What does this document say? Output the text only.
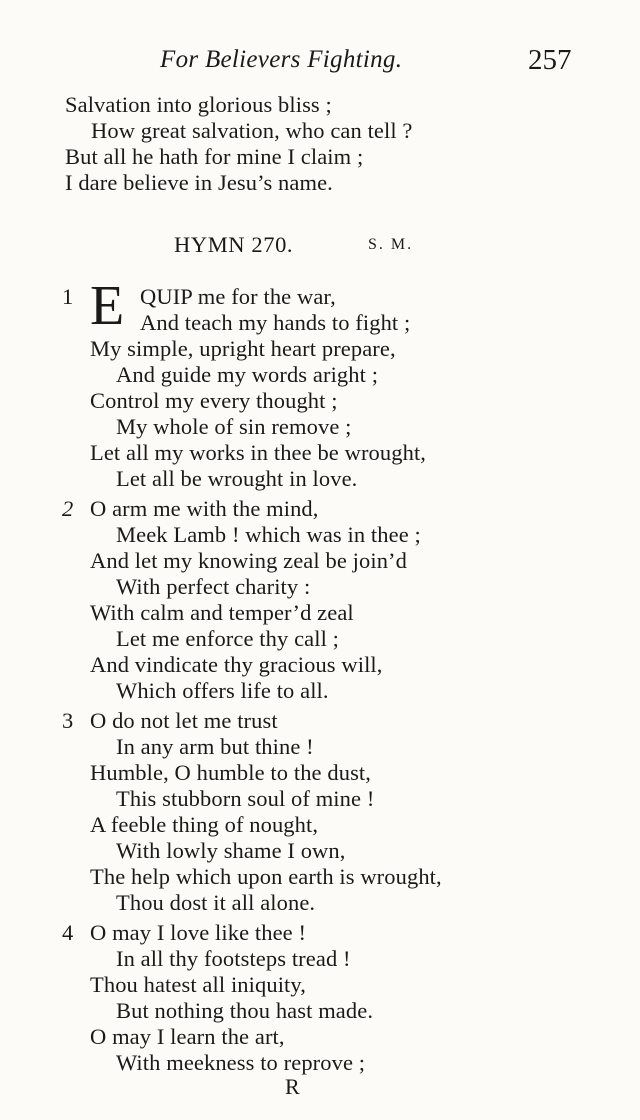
For Believers Fighting.	257
Salvation into glorious bliss ;
How great salvation, who can tell ?
But all he hath for mine I claim ;
I dare believe in Jesu’s name.
HYMN 270.	S. M.
1 E QUIP me for the war,
And teach my hands to fight ;
My simple, upright heart prepare,
And guide my words aright ;
Control my every thought ;
My whole of sin remove ;
Let all my works in thee be wrought,
Let all be wrought in love.
2 O arm me with the mind,
Meek Lamb ! which was in thee ;
And let my knowing zeal be join’d
With perfect charity :
With calm and temper’d zeal
Let me enforce thy call ;
And vindicate thy gracious will,
Which offers life to all.
3 O do not let me trust
In any arm but thine !
Humble, O humble to the dust,
This stubborn soul of mine !
A feeble thing of nought,
With lowly shame I own,
The help which upon earth is wrought,
Thou dost it all alone.
4 O may I love like thee !
In all thy footsteps tread !
Thou hatest all iniquity,
But nothing thou hast made.
O may I learn the art,
With meekness to reprove ;
R
